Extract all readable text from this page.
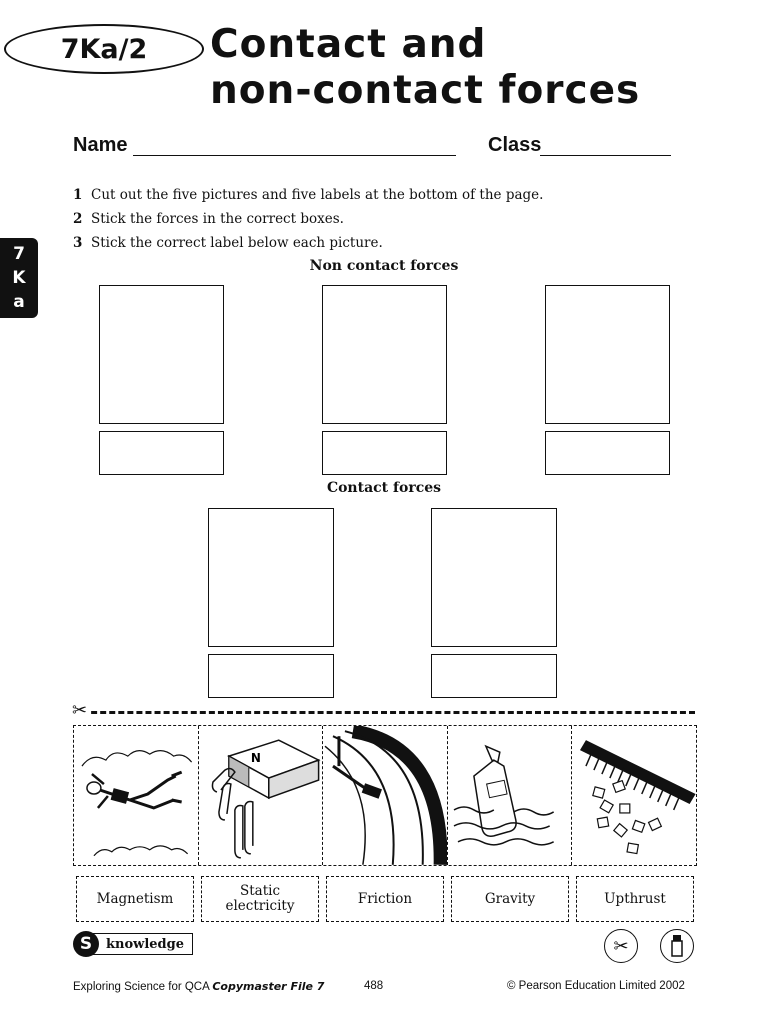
7Ka/2 Contact and
non-contact forces
Name	Class
7
K
a
1 Cut out the five pictures and five labels at the bottom of the page.
2 Stick the forces in the correct boxes.
3 Stick the correct label below each picture.
Non contact forces
Contact forces
✂
N
Magnetism	Static electricity	Friction	Gravity	Upthrust
S	knowledge	✂
Exploring Science for QCA Copymaster File 7	488	© Pearson Education Limited 2002
